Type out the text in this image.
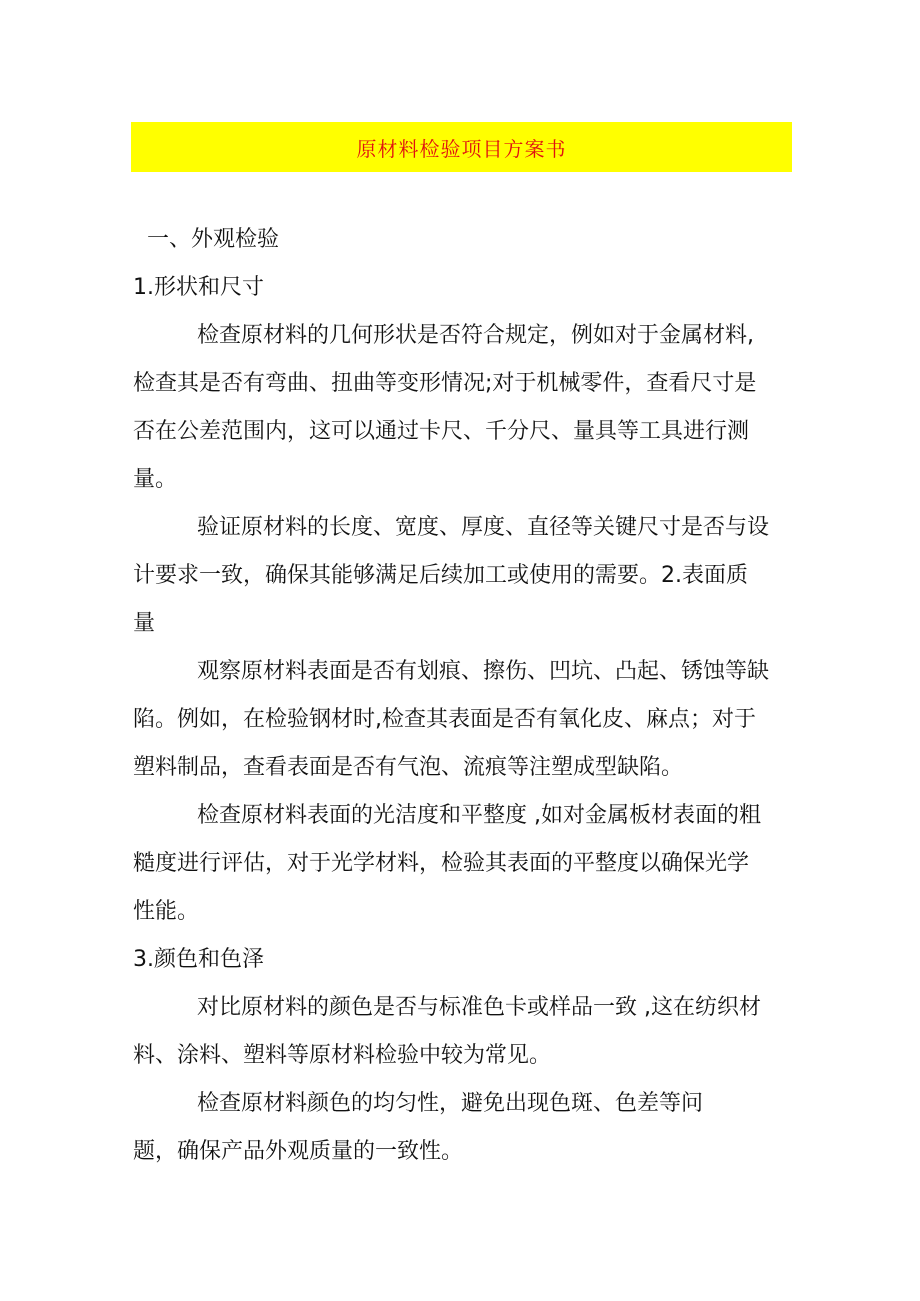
原材料检验项目方案书
一、外观检验
1.形状和尺寸
检查原材料的几何形状是否符合规定，例如对于金属材料,
检查其是否有弯曲、扭曲等变形情况;对于机械零件，查看尺寸是
否在公差范围内，这可以通过卡尺、千分尺、量具等工具进行测
量。
验证原材料的长度、宽度、厚度、直径等关键尺寸是否与设
计要求一致，确保其能够满足后续加工或使用的需要。2.表面质
量
观察原材料表面是否有划痕、擦伤、凹坑、凸起、锈蚀等缺
陷。例如，在检验钢材时,检查其表面是否有氧化皮、麻点；对于
塑料制品，查看表面是否有气泡、流痕等注塑成型缺陷。
检查原材料表面的光洁度和平整度 ,如对金属板材表面的粗
糙度进行评估，对于光学材料，检验其表面的平整度以确保光学
性能。
3.颜色和色泽
对比原材料的颜色是否与标准色卡或样品一致 ,这在纺织材
料、涂料、塑料等原材料检验中较为常见。
检查原材料颜色的均匀性，避免出现色斑、色差等问
题，确保产品外观质量的一致性。
